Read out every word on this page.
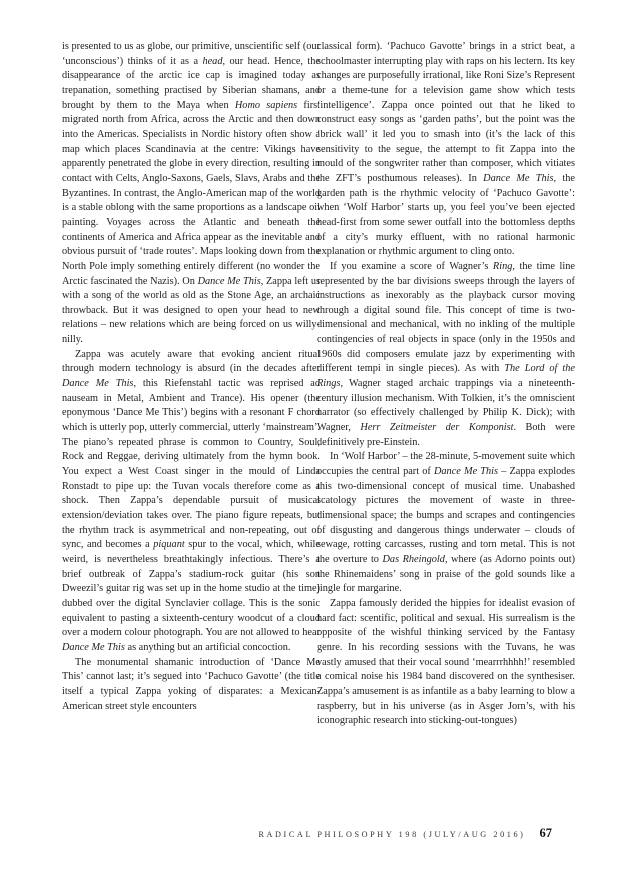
is presented to us as globe, our primitive, unscientific self (our ‘unconscious’) thinks of it as a head, our head. Hence, the disappearance of the arctic ice cap is imagined today as trepanation, something practised by Siberian shamans, and brought by them to the Maya when Homo sapiens first migrated north from Africa, across the Arctic and then down into the Americas. Specialists in Nordic history often show a map which places Scandinavia at the centre: Vikings have apparently penetrated the globe in every direction, resulting in contact with Celts, Anglo-Saxons, Gaels, Slavs, Arabs and the Byzantines. In contrast, the Anglo-American map of the world is a stable oblong with the same proportions as a landscape oil painting. Voyages across the Atlantic and beneath the continents of America and Africa appear as the inevitable and obvious pursuit of ‘trade routes’. Maps looking down from the North Pole imply something entirely different (no wonder the Arctic fascinated the Nazis). On Dance Me This, Zappa left us with a song of the world as old as the Stone Age, an archaic throwback. But it was designed to open your head to new relations – new relations which are being forced on us willy-nilly.

Zappa was acutely aware that evoking ancient ritual through modern technology is absurd (in the decades after Dance Me This, this Riefenstahl tactic was reprised ad nauseam in Metal, Ambient and Trance). His opener (the eponymous ‘Dance Me This’) begins with a resonant F chord which is utterly pop, utterly commercial, utterly ‘mainstream’. The piano’s repeated phrase is common to Country, Soul, Rock and Reggae, deriving ultimately from the hymn book. You expect a West Coast singer in the mould of Linda Ronstadt to pipe up: the Tuvan vocals therefore come as a shock. Then Zappa’s dependable pursuit of musical extension/deviation takes over. The piano figure repeats, but the rhythm track is asymmetrical and non-repeating, out of sync, and becomes a piquant spur to the vocal, which, while weird, is nevertheless breathtakingly infectious. There’s a brief outbreak of Zappa’s stadium-rock guitar (his son Dweezil’s guitar rig was set up in the home studio at the time) dubbed over the digital Synclavier collage. This is the sonic equivalent to pasting a sixteenth-century woodcut of a cloud over a modern colour photograph. You are not allowed to hear Dance Me This as anything but an artificial concoction.

The monumental shamanic introduction of ‘Dance Me This’ cannot last; it’s segued into ‘Pachuco Gavotte’ (the title itself a typical Zappa yoking of disparates: a Mexican-American street style encounters

classical form). ‘Pachuco Gavotte’ brings in a strict beat, a schoolmaster interrupting play with raps on his lectern. Its key changes are purposefully irrational, like Roni Size’s Represent or a theme-tune for a television game show which tests ‘intelligence’. Zappa once pointed out that he liked to construct easy songs as ‘garden paths’, but the point was the ‘brick wall’ it led you to smash into (it’s the lack of this sensitivity to the segue, the attempt to fit Zappa into the mould of the songwriter rather than composer, which vitiates the ZFT’s posthumous releases). In Dance Me This, the garden path is the rhythmic velocity of ‘Pachuco Gavotte’: when ‘Wolf Harbor’ starts up, you feel you’ve been ejected head-first from some sewer outfall into the bottomless depths of a city’s murky effluent, with no rational harmonic explanation or rhythmic argument to cling onto.

If you examine a score of Wagner’s Ring, the time line represented by the bar divisions sweeps through the layers of instructions as inexorably as the playback cursor moving through a digital sound file. This concept of time is two-dimensional and mechanical, with no inkling of the multiple contingencies of real objects in space (only in the 1950s and 1960s did composers emulate jazz by experimenting with different tempi in single pieces). As with The Lord of the Rings, Wagner staged archaic trappings via a nineteenth-century illusion mechanism. With Tolkien, it’s the omniscient narrator (so effectively challenged by Philip K. Dick); with Wagner, Herr Zeitmeister der Komponist. Both were definitively pre-Einstein.

In ‘Wolf Harbor’ – the 28-minute, 5-movement suite which occupies the central part of Dance Me This – Zappa explodes this two-dimensional concept of musical time. Unabashed scatology pictures the movement of waste in three-dimensional space; the bumps and scrapes and contingencies of disgusting and dangerous things underwater – clouds of sewage, rotting carcasses, rusting and torn metal. This is not the overture to Das Rheingold, where (as Adorno points out) the Rhinemaidens’ song in praise of the gold sounds like a jingle for margarine.

Zappa famously derided the hippies for idealist evasion of hard fact: scentific, political and sexual. His surrealism is the opposite of the wishful thinking serviced by the Fantasy genre. In his recording sessions with the Tuvans, he was vastly amused that their vocal sound ‘mearrrhhhh!’ resembled a comical noise his 1984 band discovered on the synthesiser. Zappa’s amusement is as infantile as a baby learning to blow a raspberry, but in his universe (as in Asger Jorn’s, with his iconographic research into sticking-out-tongues)

RADICAL PHILOSOPHY 198 (JULY/AUG 2016) 67
